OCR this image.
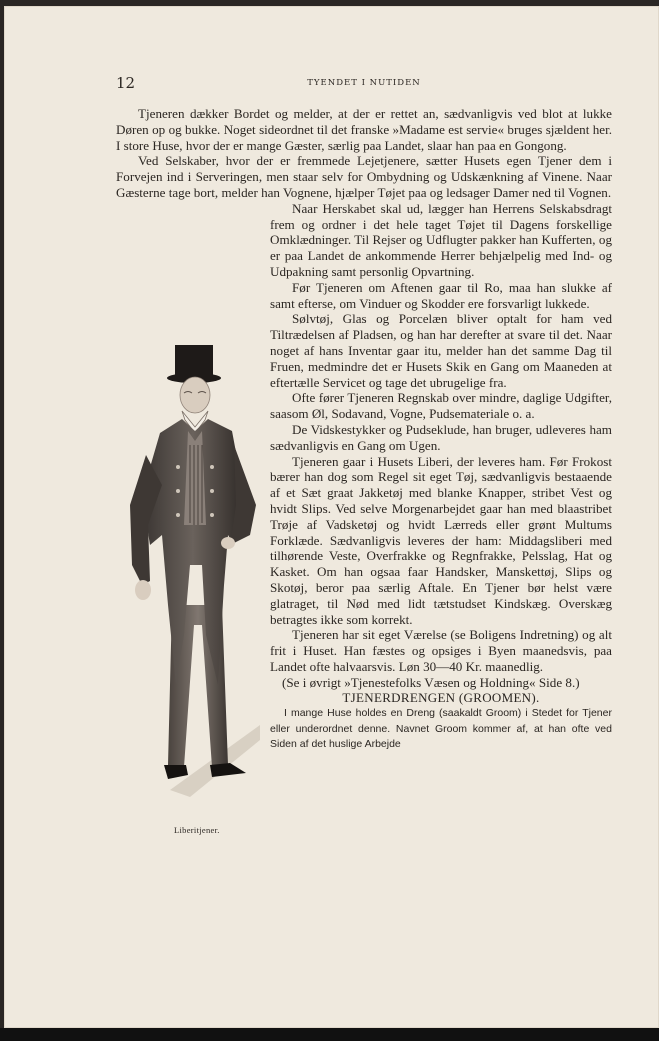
12	TYENDET I NUTIDEN

Tjeneren dækker Bordet og melder, at der er rettet an, sædvanligvis ved blot at lukke Døren op og bukke. Noget sideordnet til det franske »Madame est servie« bruges sjældent her. I store Huse, hvor der er mange Gæster, særlig paa Landet, slaar han paa en Gongong.

Ved Selskaber, hvor der er fremmede Lejetjenere, sætter Husets egen Tjener dem i Forvejen ind i Serveringen, men staar selv for Ombydning og Udskænkning af Vinene. Naar Gæsterne tage bort, melder han Vognene, hjælper Tøjet paa og ledsager Damer ned til Vognen.

Liberitjener.

Naar Herskabet skal ud, lægger han Herrens Selskabsdragt frem og ordner i det hele taget Tøjet til Dagens forskellige Omklædninger. Til Rejser og Udflugter pakker han Kufferten, og er paa Landet de ankommende Herrer behjælpelig med Ind- og Udpakning samt personlig Opvartning.

Før Tjeneren om Aftenen gaar til Ro, maa han slukke af samt efterse, om Vinduer og Skodder ere forsvarligt lukkede.

Sølvtøj, Glas og Porcelæn bliver optalt for ham ved Tiltrædelsen af Pladsen, og han har derefter at svare til det. Naar noget af hans Inventar gaar itu, melder han det samme Dag til Fruen, medmindre det er Husets Skik en Gang om Maaneden at eftertælle Servicet og tage det ubrugelige fra.

Ofte fører Tjeneren Regnskab over mindre, daglige Udgifter, saasom Øl, Sodavand, Vogne, Pudsemateriale o. a.

De Vidskestykker og Pudseklude, han bruger, udleveres ham sædvanligvis en Gang om Ugen.

Tjeneren gaar i Husets Liberi, der leveres ham. Før Frokost bærer han dog som Regel sit eget Tøj, sædvanligvis bestaaende af et Sæt graat Jakketøj med blanke Knapper, stribet Vest og hvidt Slips. Ved selve Morgenarbejdet gaar han med blaastribet Trøje af Vadsketøj og hvidt Lærreds eller grønt Multums Forklæde. Sædvanligvis leveres der ham: Middagsliberi med tilhørende Veste, Overfrakke og Regnfrakke, Pelsslag, Hat og Kasket. Om han ogsaa faar Handsker, Manskettøj, Slips og Skotøj, beror paa særlig Aftale. En Tjener bør helst være glatraget, til Nød med lidt tætstudset Kindskæg. Overskæg betragtes ikke som korrekt.

Tjeneren har sit eget Værelse (se Boligens Indretning) og alt frit i Huset. Han fæstes og opsiges i Byen maanedsvis, paa Landet ofte halvaarsvis. Løn 30—40 Kr. maanedlig.

(Se i øvrigt »Tjenestefolks Væsen og Holdning« Side 8.)

TJENERDRENGEN (GROOMEN).

I mange Huse holdes en Dreng (saakaldt Groom) i Stedet for Tjener eller underordnet denne. Navnet Groom kommer af, at han ofte ved Siden af det huslige Arbejde
